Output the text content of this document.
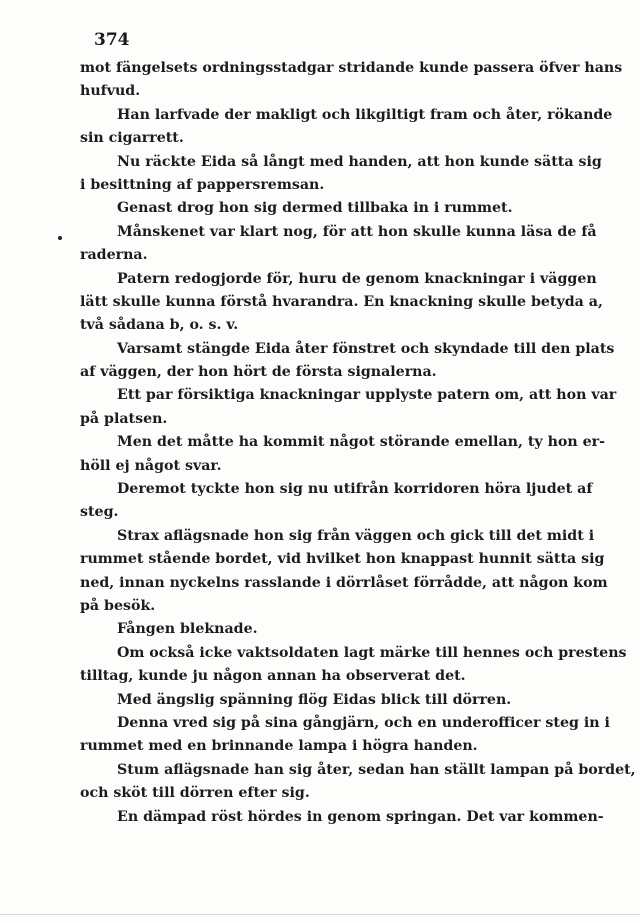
374
mot fängelsets ordningsstadgar stridande kunde passera öfver hans
hufvud.
Han larfvade der makligt och likgiltigt fram och åter, rökande
sin cigarrett.
Nu räckte Eida så långt med handen, att hon kunde sätta sig
i besittning af pappersremsan.
Genast drog hon sig dermed tillbaka in i rummet.
Månskenet var klart nog, för att hon skulle kunna läsa de få
raderna.
Patern redogjorde för, huru de genom knackningar i väggen
lätt skulle kunna förstå hvarandra. En knackning skulle betyda a,
två sådana b, o. s. v.
Varsamt stängde Eida åter fönstret och skyndade till den plats
af väggen, der hon hört de första signalerna.
Ett par försiktiga knackningar upplyste patern om, att hon var
på platsen.
Men det måtte ha kommit något störande emellan, ty hon er-
höll ej något svar.
Deremot tyckte hon sig nu utifrån korridoren höra ljudet af
steg.
Strax aflägsnade hon sig från väggen och gick till det midt i
rummet stående bordet, vid hvilket hon knappast hunnit sätta sig
ned, innan nyckelns rasslande i dörrlåset förrådde, att någon kom
på besök.
Fången bleknade.
Om också icke vaktsoldaten lagt märke till hennes och prestens
tilltag, kunde ju någon annan ha observerat det.
Med ängslig spänning flög Eidas blick till dörren.
Denna vred sig på sina gångjärn, och en underofficer steg in i
rummet med en brinnande lampa i högra handen.
Stum aflägsnade han sig åter, sedan han ställt lampan på bordet,
och sköt till dörren efter sig.
En dämpad röst hördes in genom springan. Det var kommen-
